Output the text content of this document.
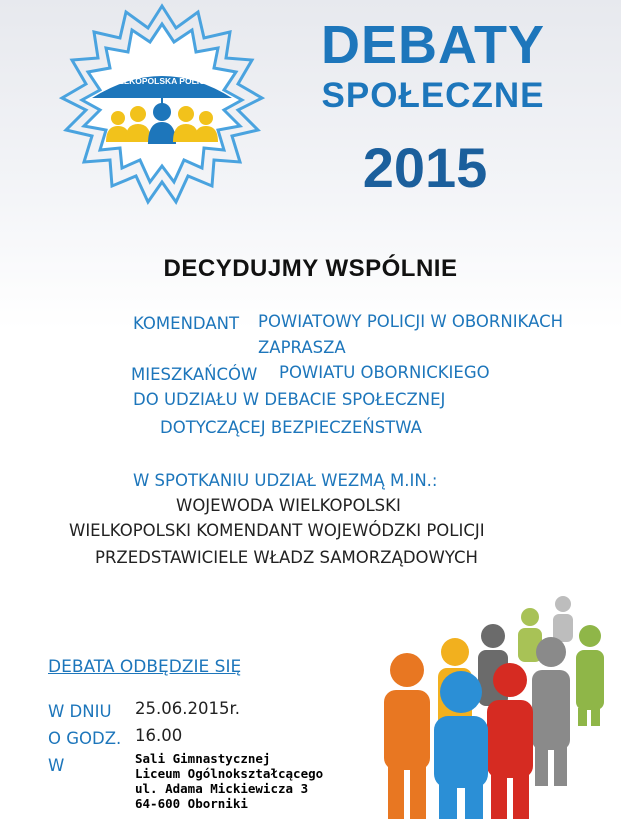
WIELKOPOLSKA POLICJA
DEBATY
SPOŁECZNE
2015
DECYDUJMY WSPÓLNIE
KOMENDANT POWIATOWY POLICJI W OBORNIKACH
ZAPRASZA
MIESZKAŃCÓW POWIATU OBORNICKIEGO
DO UDZIAŁU W DEBACIE SPOŁECZNEJ
DOTYCZĄCEJ BEZPIECZEŃSTWA
W SPOTKANIU UDZIAŁ WEZMĄ M.IN.:
WOJEWODA WIELKOPOLSKI
WIELKOPOLSKI KOMENDANT WOJEWÓDZKI POLICJI
PRZEDSTAWICIELE WŁADZ SAMORZĄDOWYCH
DEBATA ODBĘDZIE SIĘ
W DNIU 25.06.2015r.
O GODZ. 16.00
W	Sali Gimnastycznej
Liceum Ogólnokształcącego
ul. Adama Mickiewicza 3
64-600 Oborniki
